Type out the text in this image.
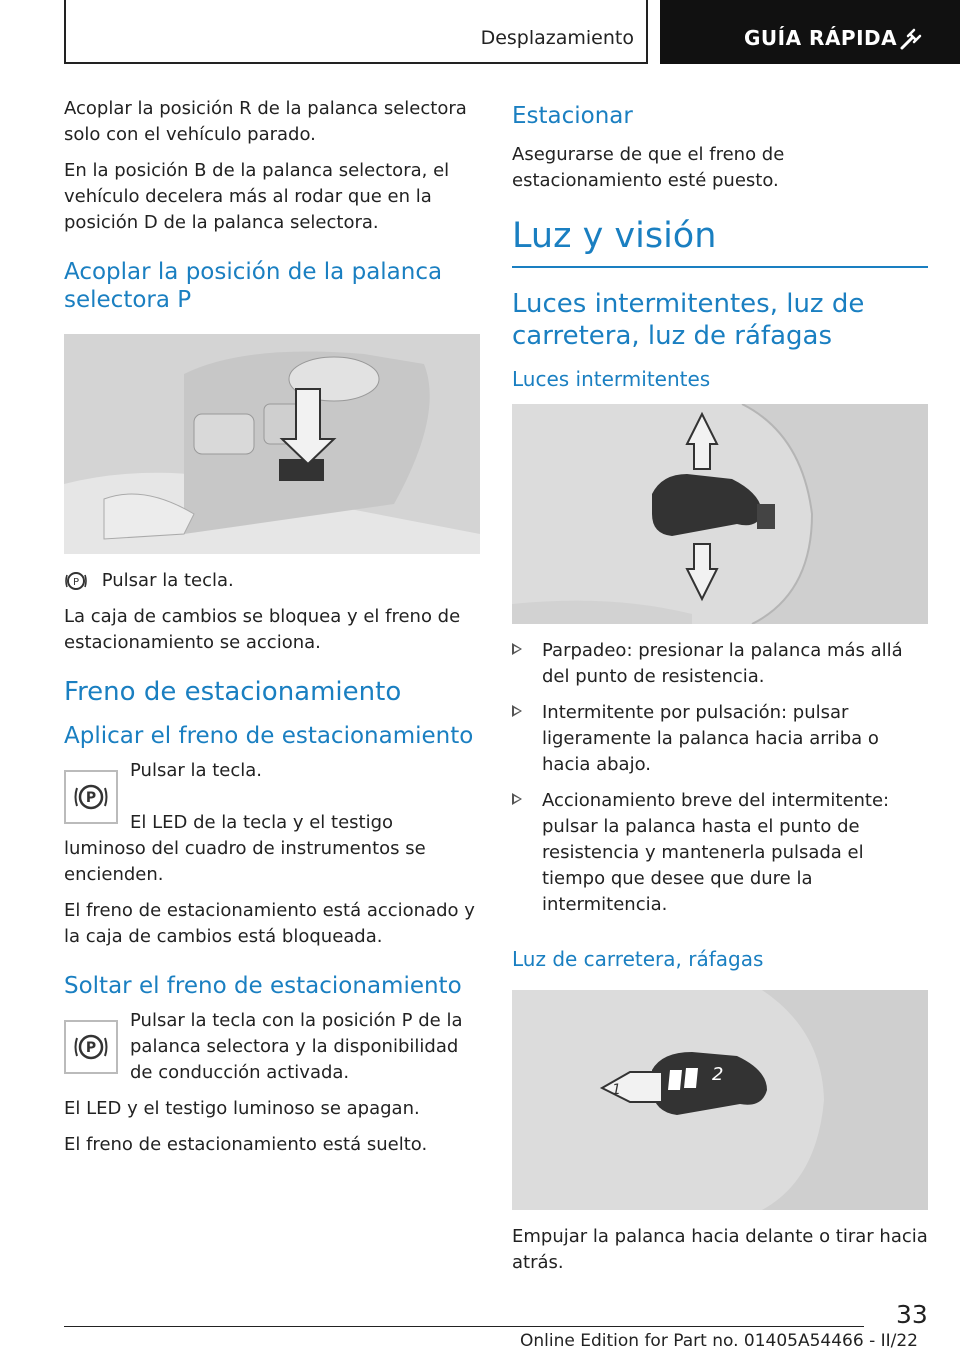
Desplazamiento	GUÍA RÁPIDA

Acoplar la posición R de la palanca selectora solo con el vehículo parado.

En la posición B de la palanca selectora, el vehículo decelera más al rodar que en la posición D de la palanca selectora.

Acoplar la posición de la palanca selectora P

P Pulsar la tecla.

La caja de cambios se bloquea y el freno de estacionamiento se acciona.

Freno de estacionamiento
Aplicar el freno de estacionamiento
P

Pulsar la tecla.

El LED de la tecla y el testigo luminoso del cuadro de instrumentos se encienden.

El freno de estacionamiento está accionado y la caja de cambios está bloqueada.

Soltar el freno de estacionamiento
P

Pulsar la tecla con la posición P de la palanca selectora y la disponibilidad de conducción activada.

El LED y el testigo luminoso se apagan.

El freno de estacionamiento está suelto.

Estacionar

Asegurarse de que el freno de estacionamiento esté puesto.

Luz y visión
Luces intermitentes, luz de carretera, luz de ráfagas
Luces intermitentes
Parpadeo: presionar la palanca más allá del punto de resistencia.
Intermitente por pulsación: pulsar ligeramente la palanca hacia arriba o hacia abajo.
Accionamiento breve del intermitente: pulsar la palanca hasta el punto de resistencia y mantenerla pulsada el tiempo que desee que dure la intermitencia.
Luz de carretera, ráfagas
2
1

Empujar la palanca hacia delante o tirar hacia atrás.

33
Online Edition for Part no. 01405A54466 - II/22
